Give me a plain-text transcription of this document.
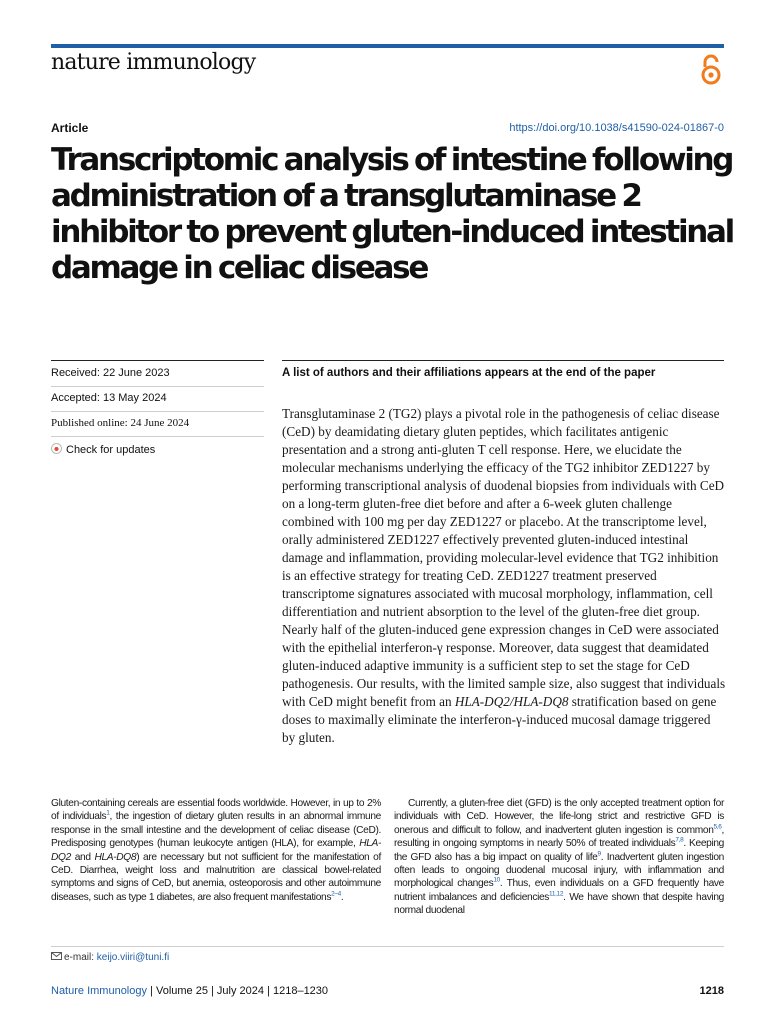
nature immunology
Article	https://doi.org/10.1038/s41590-024-01867-0
Transcriptomic analysis of intestine following administration of a transglutaminase 2 inhibitor to prevent gluten-induced intestinal damage in celiac disease
Received: 22 June 2023
Accepted: 13 May 2024
Published online: 24 June 2024
Check for updates
A list of authors and their affiliations appears at the end of the paper

Transglutaminase 2 (TG2) plays a pivotal role in the pathogenesis of celiac disease (CeD) by deamidating dietary gluten peptides, which facilitates antigenic presentation and a strong anti-gluten T cell response. Here, we elucidate the molecular mechanisms underlying the efficacy of the TG2 inhibitor ZED1227 by performing transcriptional analysis of duodenal biopsies from individuals with CeD on a long-term gluten-free diet before and after a 6-week gluten challenge combined with 100 mg per day ZED1227 or placebo. At the transcriptome level, orally administered ZED1227 effectively prevented gluten-induced intestinal damage and inflammation, providing molecular-level evidence that TG2 inhibition is an effective strategy for treating CeD. ZED1227 treatment preserved transcriptome signatures associated with mucosal morphology, inflammation, cell differentiation and nutrient absorption to the level of the gluten-free diet group. Nearly half of the gluten-induced gene expression changes in CeD were associated with the epithelial interferon-γ response. Moreover, data suggest that deamidated gluten-induced adaptive immunity is a sufficient step to set the stage for CeD pathogenesis. Our results, with the limited sample size, also suggest that individuals with CeD might benefit from an HLA-DQ2/HLA-DQ8 stratification based on gene doses to maximally eliminate the interferon-γ-induced mucosal damage triggered by gluten.

Gluten-containing cereals are essential foods worldwide. However, in up to 2% of individuals$^1$, the ingestion of dietary gluten results in an abnormal immune response in the small intestine and the development of celiac disease (CeD). Predisposing genotypes (human leukocyte antigen (HLA), for example, HLA-DQ2 and HLA-DQ8) are necessary but not sufficient for the manifestation of CeD. Diarrhea, weight loss and malnutrition are classical bowel-related symptoms and signs of CeD, but anemia, osteoporosis and other autoimmune diseases, such as type 1 diabetes, are also frequent manifestations$^{2-4}$.

Currently, a gluten-free diet (GFD) is the only accepted treatment option for individuals with CeD. However, the life-long strict and restrictive GFD is onerous and difficult to follow, and inadvertent gluten ingestion is common$^{5,6}$, resulting in ongoing symptoms in nearly 50% of treated individuals$^{7,8}$. Keeping the GFD also has a big impact on quality of life$^9$. Inadvertent gluten ingestion often leads to ongoing duodenal mucosal injury, with inflammation and morphological changes$^{10}$. Thus, even individuals on a GFD frequently have nutrient imbalances and deficiencies$^{11,12}$. We have shown that despite having normal duodenal

e-mail: keijo.viiri@tuni.fi
Nature Immunology | Volume 25 | July 2024 | 1218–1230	1218
